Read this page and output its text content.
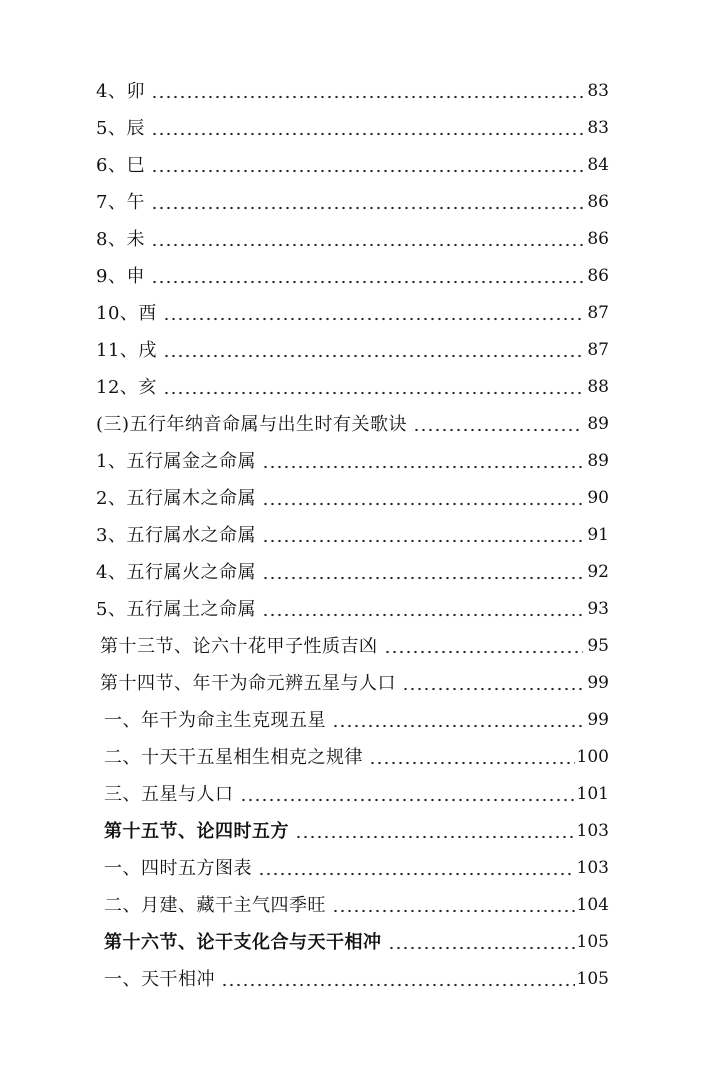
4、卯	83
5、辰	83
6、巳	84
7、午	86
8、未	86
9、申	86
10、酉	87
11、戌	87
12、亥	88
(三)五行年纳音命属与出生时有关歌诀	89
1、五行属金之命属	89
2、五行属木之命属	90
3、五行属水之命属	91
4、五行属火之命属	92
5、五行属土之命属	93
第十三节、论六十花甲子性质吉凶	95
第十四节、年干为命元辨五星与人口	99
一、年干为命主生克现五星	99
二、十天干五星相生相克之规律	100
三、五星与人口	101
第十五节、论四时五方	103
一、四时五方图表	103
二、月建、藏干主气四季旺	104
第十六节、论干支化合与天干相冲	105
一、天干相冲	105
